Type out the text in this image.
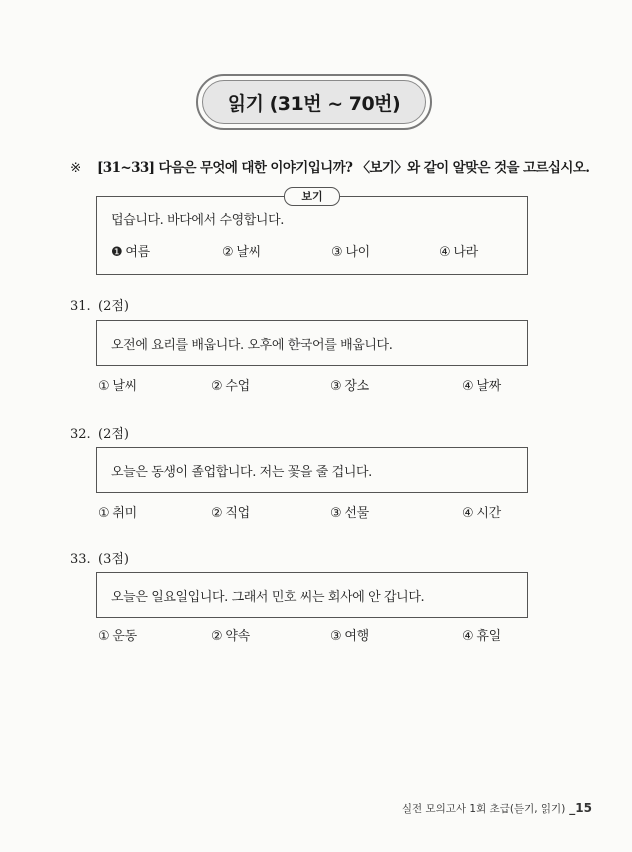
읽기 (31번 ~ 70번)
※ [31~33] 다음은 무엇에 대한 이야기입니까? 〈보기〉와 같이 알맞은 것을 고르십시오.
덥습니다. 바다에서 수영합니다.
❶ 여름	② 날씨	③ 나이	④ 나라
보기
31. (2점)
오전에 요리를 배웁니다. 오후에 한국어를 배웁니다.
① 날씨	② 수업	③ 장소	④ 날짜
32. (2점)
오늘은 동생이 졸업합니다. 저는 꽃을 줄 겁니다.
① 취미	② 직업	③ 선물	④ 시간
33. (3점)
오늘은 일요일입니다. 그래서 민호 씨는 회사에 안 갑니다.
① 운동	② 약속	③ 여행	④ 휴일
실전 모의고사 1회 초급(듣기, 읽기) _15
